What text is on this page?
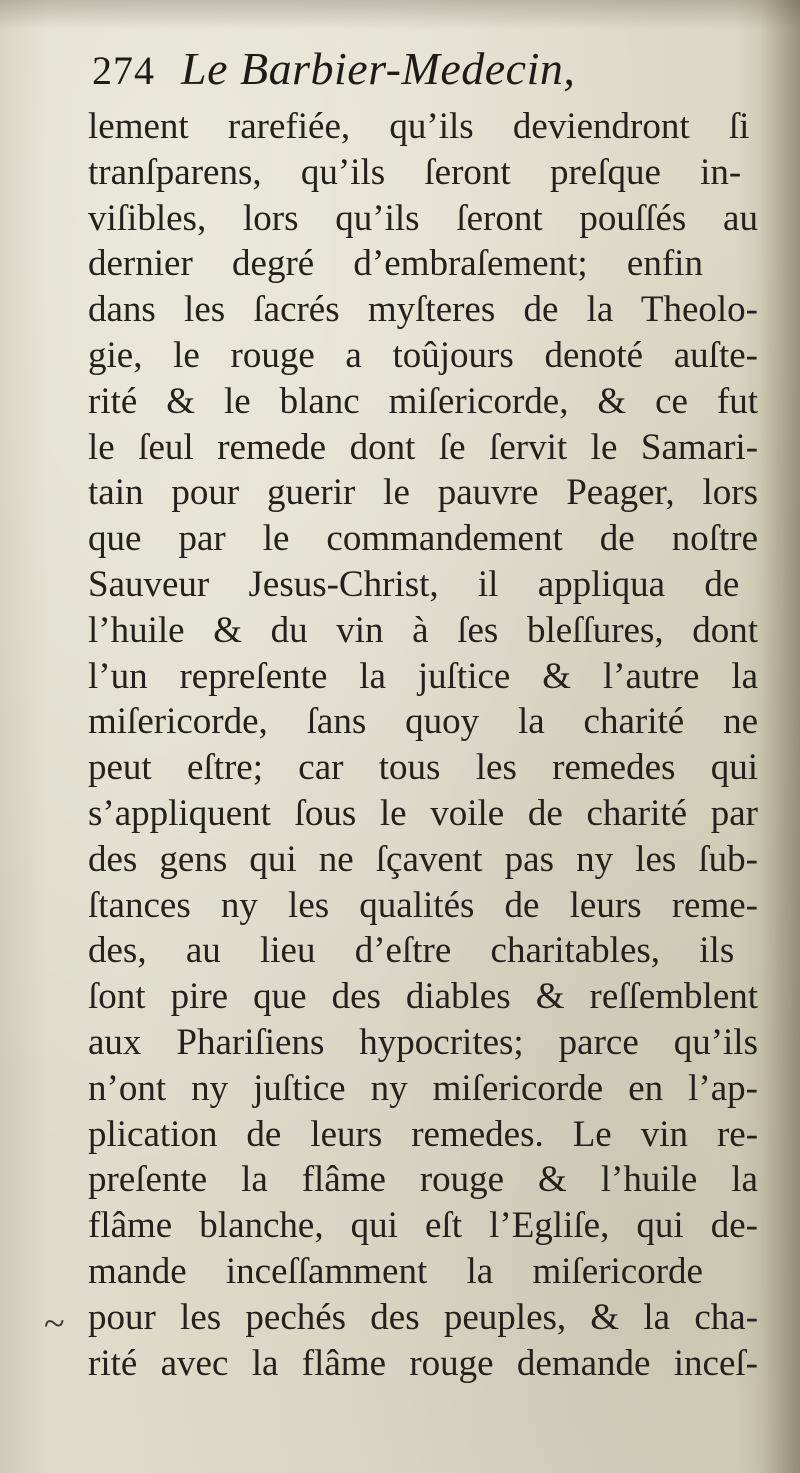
274 Le Barbier-Medecin,
lement rarefiée, qu’ils deviendront ſi
tranſparens, qu’ils ſeront preſque in-
viſibles, lors qu’ils ſeront pouſſés au
dernier degré d’embraſement; enfin
dans les ſacrés myſteres de la Theolo-
gie, le rouge a toûjours denoté auſte-
rité & le blanc miſericorde, & ce fut
le ſeul remede dont ſe ſervit le Samari-
tain pour guerir le pauvre Peager, lors
que par le commandement de noſtre
Sauveur Jesus-Christ, il appliqua de
l’huile & du vin à ſes bleſſures, dont
l’un repreſente la juſtice & l’autre la
miſericorde, ſans quoy la charité ne
peut eſtre; car tous les remedes qui
s’appliquent ſous le voile de charité par
des gens qui ne ſçavent pas ny les ſub-
ſtances ny les qualités de leurs reme-
des, au lieu d’eſtre charitables, ils
ſont pire que des diables & reſſemblent
aux Phariſiens hypocrites; parce qu’ils
n’ont ny juſtice ny miſericorde en l’ap-
plication de leurs remedes. Le vin re-
preſente la flâme rouge & l’huile la
flâme blanche, qui eſt l’Egliſe, qui de-
mande inceſſamment la miſericorde
pour les pechés des peuples, & la cha-
rité avec la flâme rouge demande inceſ-
~
